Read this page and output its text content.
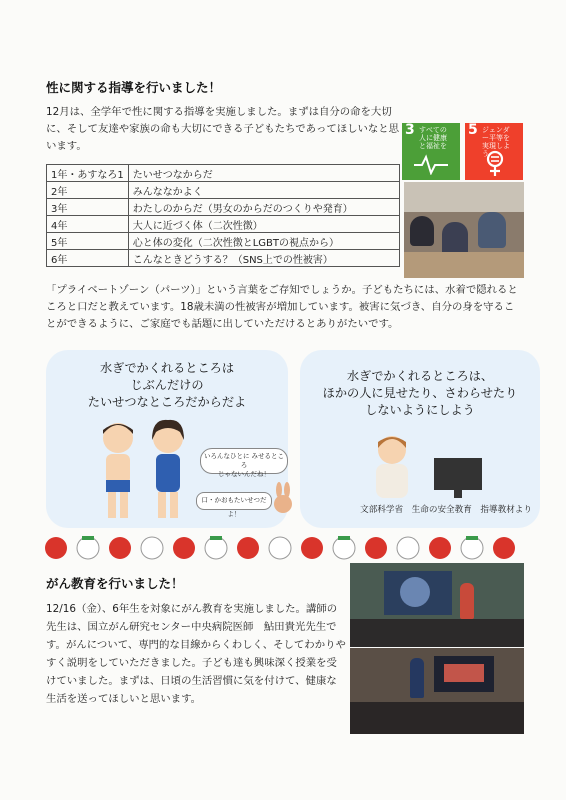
性に関する指導を行いました！
12月は、全学年で性に関する指導を実施しました。まずは自分の命を大切に、そして友達や家族の命も大切にできる子どもたちであってほしいなと思います。
3 すべての人に健康と福祉を
5 ジェンダー平等を実現しよう
1年・あすなろ1	たいせつなからだ
2年	みんななかよく
3年	わたしのからだ（男女のからだのつくりや発育）
4年	大人に近づく体（二次性徴）
5年	心と体の変化（二次性徴とLGBTの視点から）
6年	こんなときどうする？（SNS上での性被害）
「プライベートゾーン（パーツ）」という言葉をご存知でしょうか。子どもたちには、水着で隠れるところと口だと教えています。18歳未満の性被害が増加しています。被害に気づき、自分の身を守ることができるように、ご家庭でも話題に出していただけるとありがたいです。
水ぎでかくれるところは
じぶんだけの
たいせつなところだからだよ
いろんなひとに みせるところ
じゃないんだね！
口・かおもたいせつだよ！
水ぎでかくれるところは、
ほかの人に見せたり、さわらせたり
しないようにしよう
文部科学省　生命の安全教育　指導教材より
がん教育を行いました！
12/16（金）、6年生を対象にがん教育を実施しました。講師の先生は、国立がん研究センター中央病院医師　鮎田貴光先生です。がんについて、専門的な目線からくわしく、そしてわかりやすく説明をしていただきました。子ども達も興味深く授業を受けていました。まずは、日頃の生活習慣に気を付けて、健康な生活を送ってほしいと思います。
